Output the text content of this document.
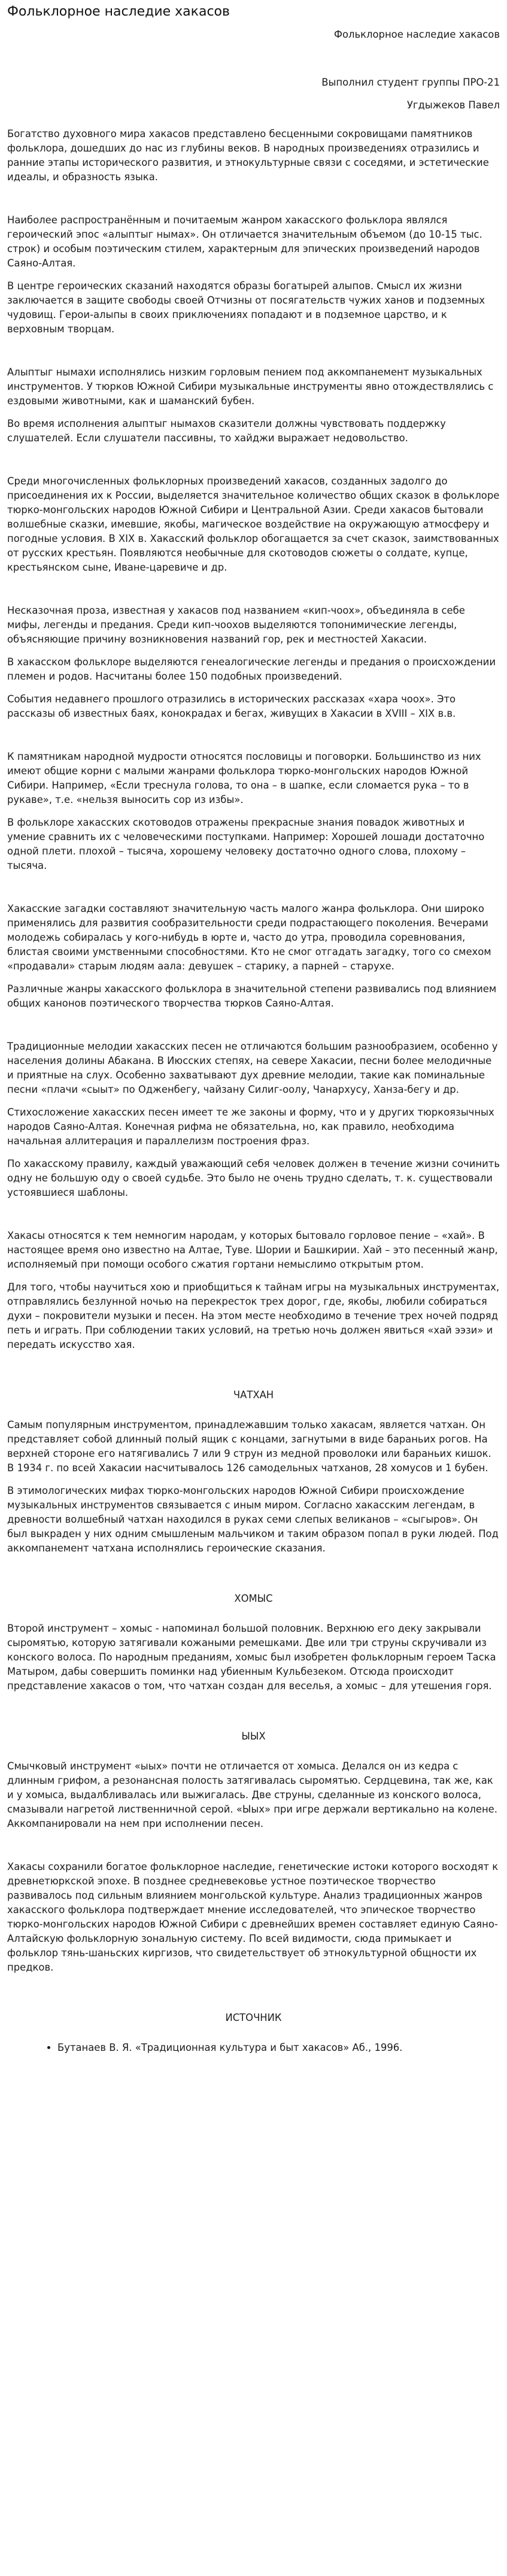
Фольклорное наследие хакасов

Фольклорное наследие хакасов

Выполнил студент группы ПРО-21

Угдыжеков Павел

Богатство духовного мира хакасов представлено бесценными сокровищами памятников фольклора, дошедших до нас из глубины веков. В народных произведениях отразились и ранние этапы исторического развития, и этнокультурные связи с соседями, и эстетические идеалы, и образность языка.

Наиболее распространённым и почитаемым жанром хакасского фольклора являлся героический эпос «алыптыг нымах». Он отличается значительным объемом (до 10-15 тыс. строк) и особым поэтическим стилем, характерным для эпических произведений народов Саяно-Алтая.

В центре героических сказаний находятся образы богатырей алыпов. Смысл их жизни заключается в защите свободы своей Отчизны от посягательств чужих ханов и подземных чудовищ. Герои-алыпы в своих приключениях попадают и в подземное царство, и к верховным творцам.

Алыптыг нымахи исполнялись низким горловым пением под аккомпанемент музыкальных инструментов. У тюрков Южной Сибири музыкальные инструменты явно отождествлялись с ездовыми животными, как и шаманский бубен.

Во время исполнения алыптыг нымахов сказители должны чувствовать поддержку слушателей. Если слушатели пассивны, то хайджи выражает недовольство.

Среди многочисленных фольклорных произведений хакасов, созданных задолго до присоединения их к России, выделяется значительное количество общих сказок в фольклоре тюрко-монгольских народов Южной Сибири и Центральной Азии. Среди хакасов бытовали волшебные сказки, имевшие, якобы, магическое воздействие на окружающую атмосферу и погодные условия. В XIX в. Хакасский фольклор обогащается за счет сказок, заимствованных от русских крестьян. Появляются необычные для скотоводов сюжеты о солдате, купце, крестьянском сыне, Иване-царевиче и др.

Несказочная проза, известная у хакасов под названием «кип-чоох», объединяла в себе мифы, легенды и предания. Среди кип-чоохов выделяются топонимические легенды, объясняющие причину возникновения названий гор, рек и местностей Хакасии.

В хакасском фольклоре выделяются генеалогические легенды и предания о происхождении племен и родов. Насчитаны более 150 подобных произведений.

События недавнего прошлого отразились в исторических рассказах «хара чоох». Это рассказы об известных баях, конокрадах и бегах, живущих в Хакасии в XVIII – XIX в.в.

К памятникам народной мудрости относятся пословицы и поговорки. Большинство из них имеют общие корни с малыми жанрами фольклора тюрко-монгольских народов Южной Сибири. Например, «Если треснула голова, то она – в шапке, если сломается рука – то в рукаве», т.е. «нельзя выносить сор из избы».

В фольклоре хакасских скотоводов отражены прекрасные знания повадок животных и умение сравнить их с человеческими поступками. Например: Хорошей лошади достаточно одной плети. плохой – тысяча, хорошему человеку достаточно одного слова, плохому – тысяча.

Хакасские загадки составляют значительную часть малого жанра фольклора. Они широко применялись для развития сообразительности среди подрастающего поколения. Вечерами молодежь собиралась у кого-нибудь в юрте и, часто до утра, проводила соревнования, блистая своими умственными способностями. Кто не смог отгадать загадку, того со смехом «продавали» старым людям aала: девушек – старику, а парней – старухе.

Различные жанры хакасского фольклора в значительной степени развивались под влиянием общих канонов поэтического творчества тюрков Саяно-Алтая.

Традиционные мелодии хакасских песен не отличаются большим разнообразием, особенно у населения долины Абакана. В Июсских степях, на севере Хакасии, песни более мелодичные и приятные на слух. Особенно захватывают дух древние мелодии, такие как поминальные песни «плачи «сыыт» по Одженбегу, чайзану Силиг-оолу, Чанархусу, Ханза-бегу и др.

Стихосложение хакасских песен имеет те же законы и форму, что и у других тюркоязычных народов Саяно-Алтая. Конечная рифма не обязательна, но, как правило, необходима начальная аллитерация и параллелизм построения фраз.

По хакасскому правилу, каждый уважающий себя человек должен в течение жизни сочинить одну не большую оду о своей судьбе. Это было не очень трудно сделать, т. к. существовали устоявшиеся шаблоны.

Хакасы относятся к тем немногим народам, у которых бытовало горловое пение – «хай». В настоящее время оно известно на Алтае, Туве. Шории и Башкирии. Хай – это песенный жанр, исполняемый при помощи особого сжатия гортани немыслимо открытым ртом.

Для того, чтобы научиться хою и приобщиться к тайнам игры на музыкальных инструментах, отправлялись безлунной ночью на перекресток трех дорог, где, якобы, любили собираться духи – покровители музыки и песен. На этом месте необходимо в течение трех ночей подряд петь и играть. При соблюдении таких условий, на третью ночь должен явиться «хай ээзи» и передать искусство хая.

ЧАТХАН

Самым популярным инструментом, принадлежавшим только хакасам, является чатхан. Он представляет собой длинный полый ящик с концами, загнутыми в виде бараньих рогов. На верхней стороне его натягивались 7 или 9 струн из медной проволоки или бараньих кишок. В 1934 г. по всей Хакасии насчитывалось 126 самодельных чатханов, 28 хомусов и 1 бубен.

В этимологических мифах тюрко-монгольских народов Южной Сибири происхождение музыкальных инструментов связывается с иным миром. Согласно хакасским легендам, в древности волшебный чатхан находился в руках семи слепых великанов – «сыгыров». Он был выкраден у них одним смышленым мальчиком и таким образом попал в руки людей. Под аккомпанемент чатхана исполнялись героические сказания.

ХОМЫС

Второй инструмент – хомыс - напоминал большой половник. Верхнюю его деку закрывали сыромятью, которую затягивали кожаными ремешками. Две или три струны скручивали из конского волоса. По народным преданиям, хомыс был изобретен фольклорным героем Таска Матыром, дабы совершить поминки над убиенным Кульбезеком. Отсюда происходит представление хакасов о том, что чатхан создан для веселья, а хомыс – для утешения горя.

ЫЫХ

Смычковый инструмент «ыых» почти не отличается от хомыса. Делался он из кедра с длинным грифом, а резонансная полость затягивалась сыромятью. Сердцевина, так же, как и у хомыса, выдалбливалась или выжигалась. Две струны, сделанные из конского волоса, смазывали нагретой лиственничной серой. «Ыых» при игре держали вертикально на колене. Аккомпанировали на нем при исполнении песен.

Хакасы сохранили богатое фольклорное наследие, генетические истоки которого восходят к древнетюркской эпохе. В позднее средневековье устное поэтическое творчество развивалось под сильным влиянием монгольской культуре. Анализ традиционных жанров хакасского фольклора подтверждает мнение исследователей, что эпическое творчество тюрко-монгольских народов Южной Сибири с древнейших времен составляет единую Саяно-Алтайскую фольклорную зональную систему. По всей видимости, сюда примыкает и фольклор тянь-шаньских киргизов, что свидетельствует об этнокультурной общности их предков.

ИСТОЧНИК
• Бутанаев В. Я. «Традиционная культура и быт хакасов» Аб., 1996.
